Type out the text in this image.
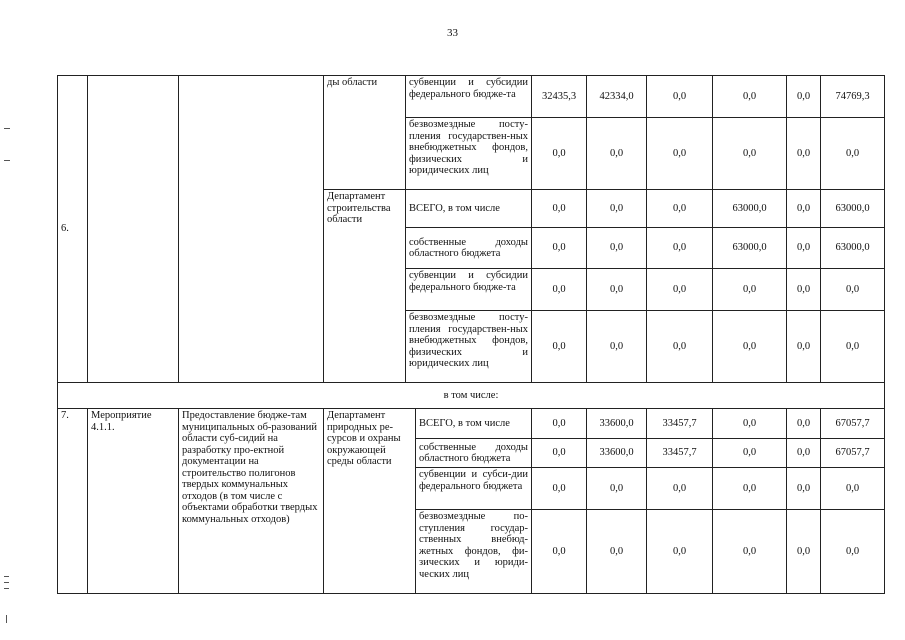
33
6.			ды области	субвенции и субсидии федерального бюдже-та		32435,3	42334,0	0,0	0,0	0,0	74769,3
				безвозмездные посту-пления государствен-ных внебюджетных фондов, физических и юридических лиц		0,0	0,0	0,0	0,0	0,0	0,0
			Департамент строительства области	ВСЕГО, в том числе		0,0	0,0	0,0	63000,0	0,0	63000,0
				собственные доходы областного бюджета		0,0	0,0	0,0	63000,0	0,0	63000,0
				субвенции и субсидии федерального бюдже-та		0,0	0,0	0,0	0,0	0,0	0,0
				безвозмездные посту-пления государствен-ных внебюджетных фондов, физических и юридических лиц		0,0	0,0	0,0	0,0	0,0	0,0
в том числе:											
7.	Мероприятие 4.1.1.	Предоставление бюдже-там муниципальных об-разований области суб-сидий на разработку про-ектной документации на строительство полигонов твердых коммунальных отходов (в том числе с объектами обработки твердых коммунальных отходов)	Департамент природных ре-сурсов и охраны окружающей среды области		ВСЕГО, в том числе	0,0	33600,0	33457,7	0,0	0,0	67057,7
					собственные доходы областного бюджета	0,0	33600,0	33457,7	0,0	0,0	67057,7
					субвенции и субси-дии федерального бюджета	0,0	0,0	0,0	0,0	0,0	0,0
					безвозмездные по-ступления государ-ственных внебюд-жетных фондов, фи-зических и юриди-ческих лиц	0,0	0,0	0,0	0,0	0,0	0,0
